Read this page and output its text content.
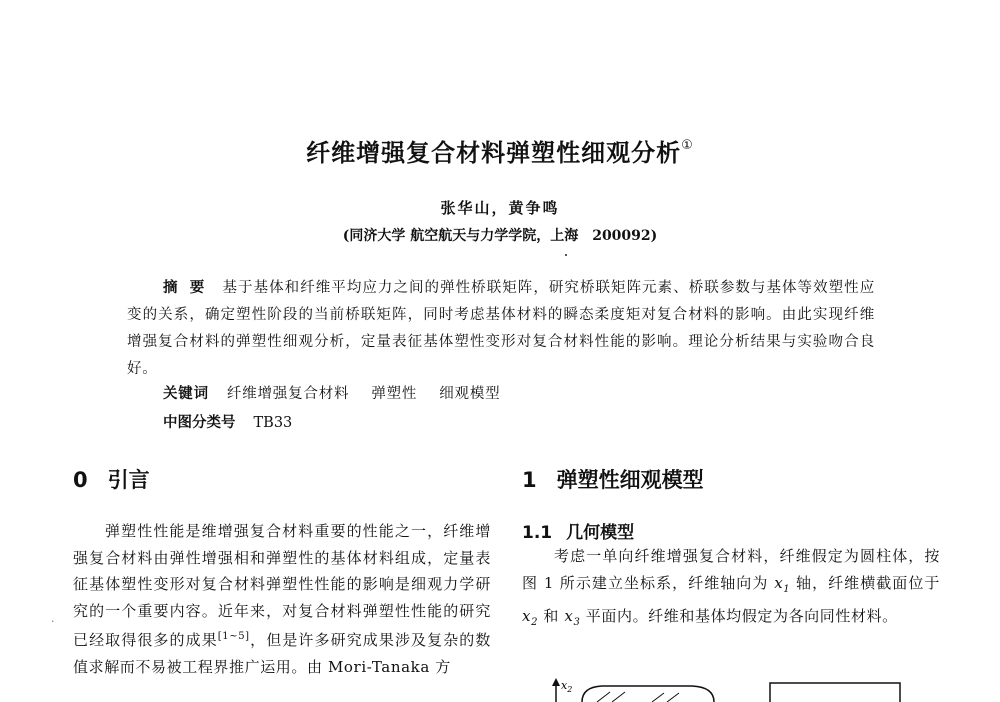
纤维增强复合材料弹塑性细观分析①
张华山，黄争鸣
(同济大学 航空航天与力学学院，上海 200092)
摘要 基于基体和纤维平均应力之间的弹性桥联矩阵，研究桥联矩阵元素、桥联参数与基体等效塑性应变的关系，确定塑性阶段的当前桥联矩阵，同时考虑基体材料的瞬态柔度矩对复合材料的影响。由此实现纤维增强复合材料的弹塑性细观分析，定量表征基体塑性变形对复合材料性能的影响。理论分析结果与实验吻合良好。
关键词 纤维增强复合材料 弹塑性 细观模型
中图分类号 TB33
0 引言	1 弹塑性细观模型
1.1 几何模型

弹塑性性能是维增强复合材料重要的性能之一，纤维增强复合材料由弹性增强相和弹塑性的基体材料组成，定量表征基体塑性变形对复合材料弹塑性性能的影响是细观力学研究的一个重要内容。近年来，对复合材料弹塑性性能的研究已经取得很多的成果[1~5]，但是许多研究成果涉及复杂的数值求解而不易被工程界推广运用。由 Mori-Tanaka 方

考虑一单向纤维增强复合材料，纤维假定为圆柱体，按图 1 所示建立坐标系，纤维轴向为 $x_1$ 轴，纤维横截面位于 $x_2$ 和 $x_3$ 平面内。纤维和基体均假定为各向同性材料。

·
$x_2$
